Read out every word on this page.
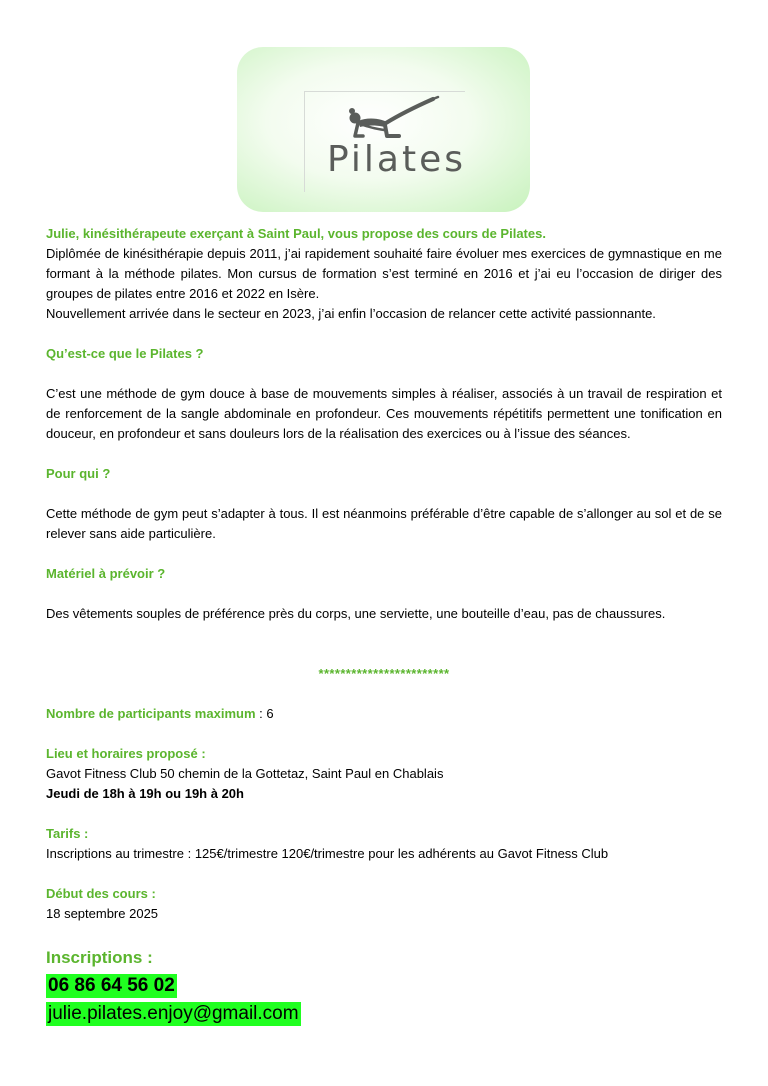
Pilates

Julie, kinésithérapeute exerçant à Saint Paul, vous propose des cours de Pilates.

Diplômée de kinésithérapie depuis 2011, j’ai rapidement souhaité faire évoluer mes exercices de gymnastique en me formant à la méthode pilates. Mon cursus de formation s’est terminé en 2016 et j’ai eu l’occasion de diriger des groupes de pilates entre 2016 et 2022 en Isère.

Nouvellement arrivée dans le secteur en 2023, j’ai enfin l’occasion de relancer cette activité passionnante.

Qu’est-ce que le Pilates ?

C’est une méthode de gym douce à base de mouvements simples à réaliser, associés à un travail de respiration et de renforcement de la sangle abdominale en profondeur. Ces mouvements répétitifs permettent une tonification en douceur, en profondeur et sans douleurs lors de la réalisation des exercices ou à l’issue des séances.

Pour qui ?

Cette méthode de gym peut s’adapter à tous. Il est néanmoins préférable d’être capable de s’allonger au sol et de se relever sans aide particulière.

Matériel à prévoir ?

Des vêtements souples de préférence près du corps, une serviette, une bouteille d’eau, pas de chaussures.

************************

Nombre de participants maximum : 6

Lieu et horaires proposé :

Gavot Fitness Club 50 chemin de la Gottetaz, Saint Paul en Chablais

Jeudi de 18h à 19h ou 19h à 20h

Tarifs :

Inscriptions au trimestre : 125€/trimestre 120€/trimestre pour les adhérents au Gavot Fitness Club

Début des cours :

18 septembre 2025

Inscriptions :
06 86 64 56 02
julie.pilates.enjoy@gmail.com
